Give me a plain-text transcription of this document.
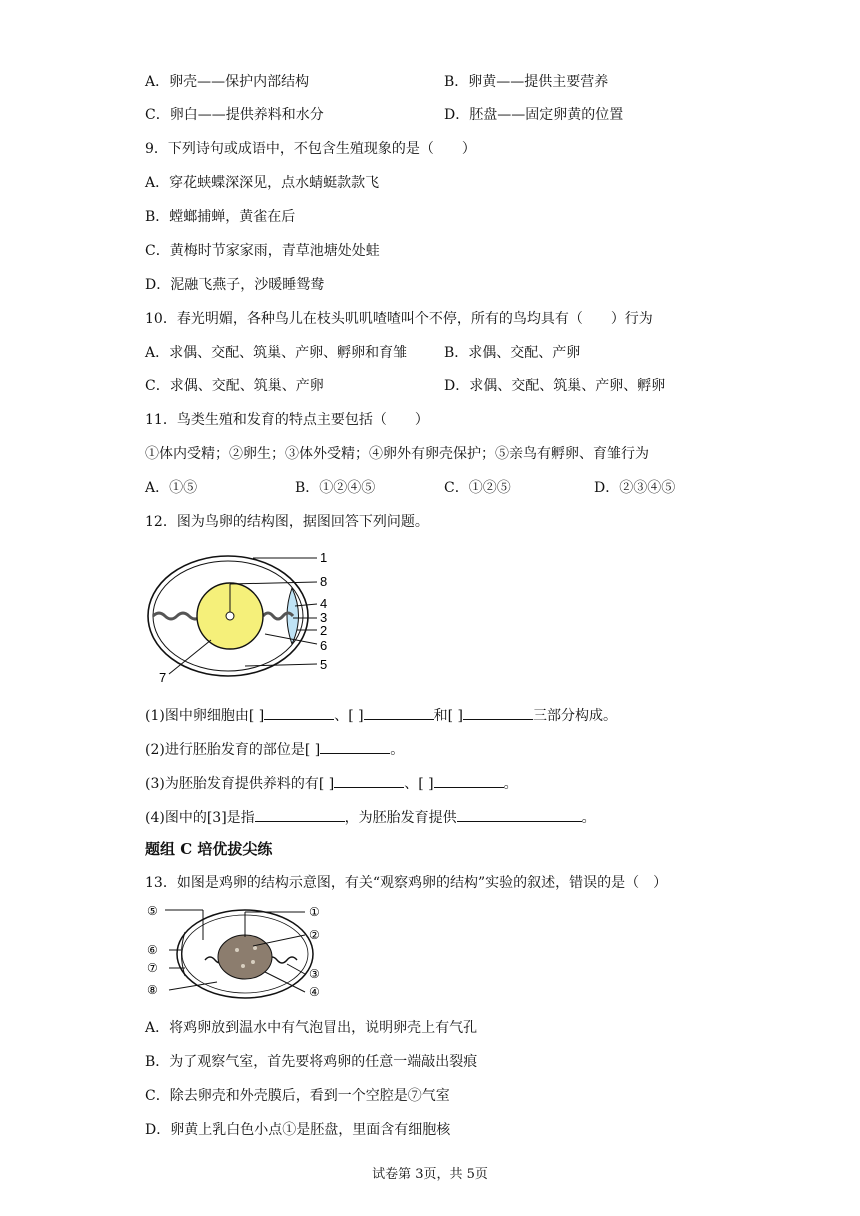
A．卵壳——保护内部结构	B．卵黄——提供主要营养
C．卵白——提供养料和水分	D．胚盘——固定卵黄的位置
9．下列诗句或成语中，不包含生殖现象的是（　　）
A．穿花蛱蝶深深见，点水蜻蜓款款飞
B．螳螂捕蝉，黄雀在后
C．黄梅时节家家雨，青草池塘处处蛙
D．泥融飞燕子，沙暖睡鸳鸯
10．春光明媚，各种鸟儿在枝头叽叽喳喳叫个不停，所有的鸟均具有（　　）行为
A．求偶、交配、筑巢、产卵、孵卵和育雏	B．求偶、交配、产卵
C．求偶、交配、筑巢、产卵	D．求偶、交配、筑巢、产卵、孵卵
11．鸟类生殖和发育的特点主要包括（　　）
①体内受精；②卵生；③体外受精；④卵外有卵壳保护；⑤亲鸟有孵卵、育雏行为
A．①⑤	B．①②④⑤	C．①②⑤	D．②③④⑤
12．图为鸟卵的结构图，据图回答下列问题。
1
8
4
3
2
6
5
7
(1)图中卵细胞由[ ]	、[ ]	和[ ]	三部分构成。
(2)进行胚胎发育的部位是[ ]	。
(3)为胚胎发育提供养料的有[ ]	、[ ]	。
(4)图中的[3]是指	，为胚胎发育提供	。
题组 C 培优拔尖练
13．如图是鸡卵的结构示意图，有关“观察鸡卵的结构”实验的叙述，错误的是（　）
⑤	①
②
⑥
⑦	③
⑧	④
A．将鸡卵放到温水中有气泡冒出，说明卵壳上有气孔
B．为了观察气室，首先要将鸡卵的任意一端敲出裂痕
C．除去卵壳和外壳膜后，看到一个空腔是⑦气室
D．卵黄上乳白色小点①是胚盘，里面含有细胞核
试卷第 3页，共 5页
